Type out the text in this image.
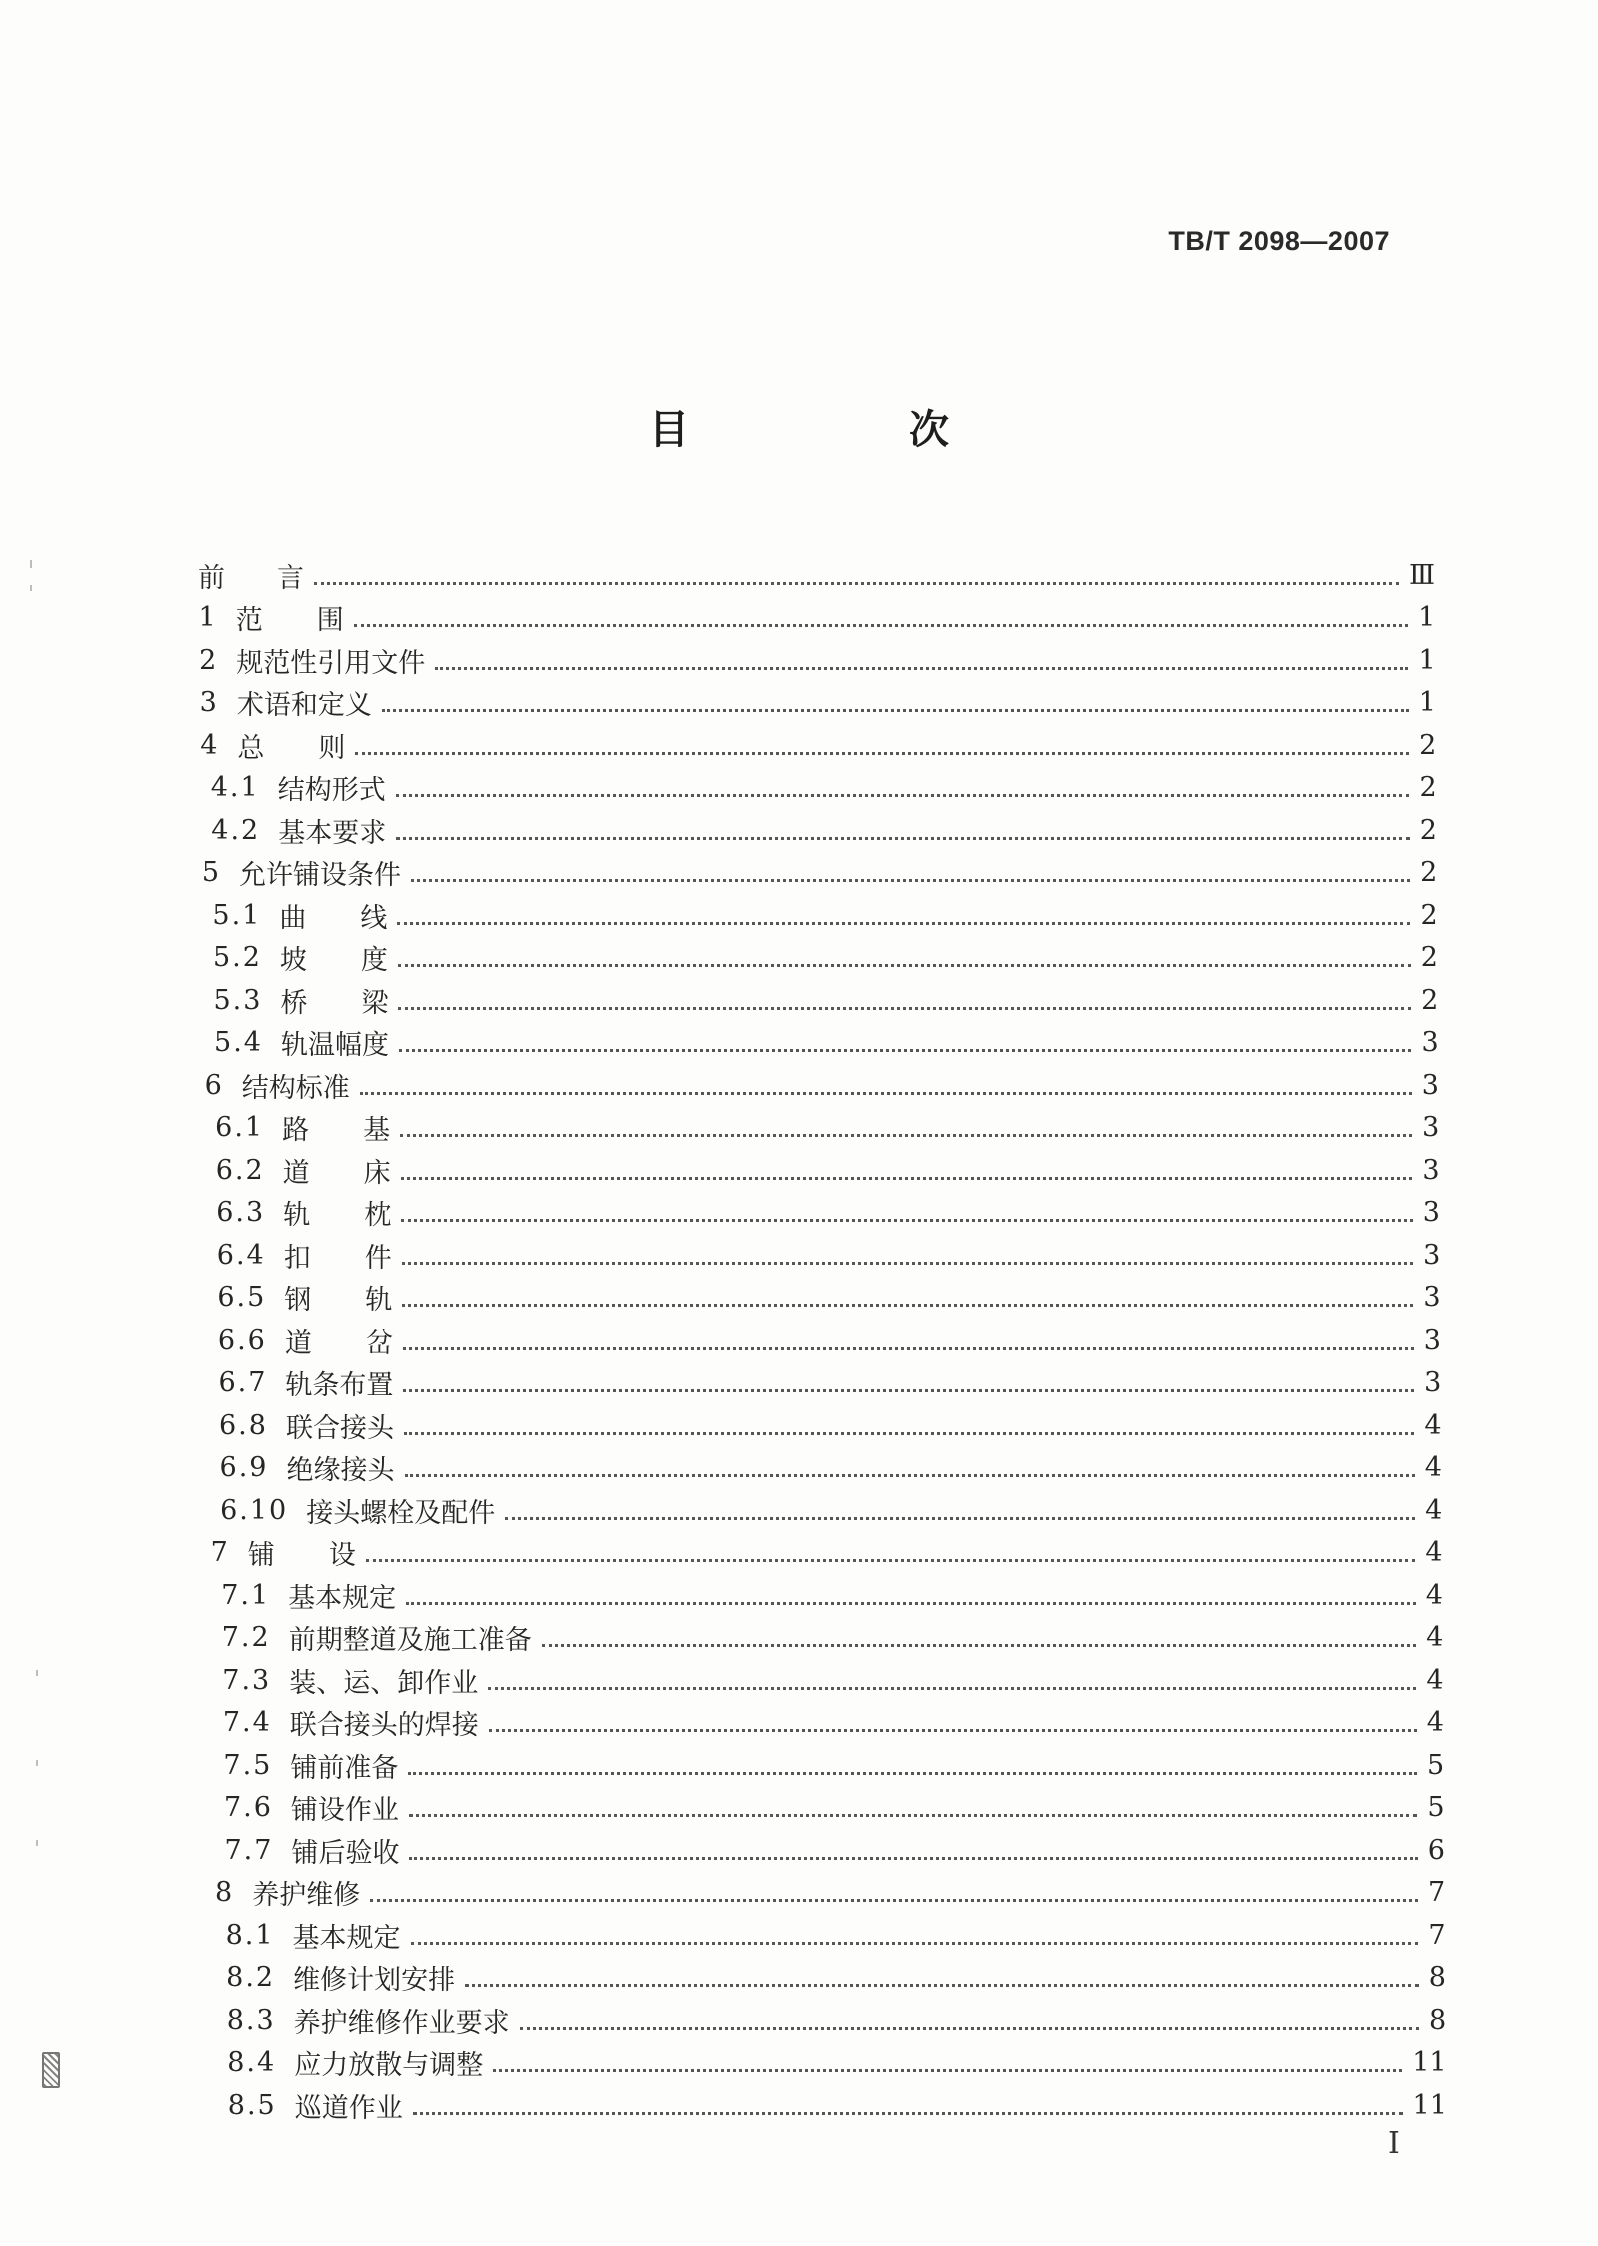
TB/T 2098—2007
目　次
前 言	Ⅲ
1 范　　围	1
2 规范性引用文件	1
3 术语和定义	1
4 总　　则	2
4.1 结构形式	2
4.2 基本要求	2
5 允许铺设条件	2
5.1 曲　　线	2
5.2 坡　　度	2
5.3 桥　　梁	2
5.4 轨温幅度	3
6 结构标准	3
6.1 路　　基	3
6.2 道　　床	3
6.3 轨　　枕	3
6.4 扣　　件	3
6.5 钢　　轨	3
6.6 道　　岔	3
6.7 轨条布置	3
6.8 联合接头	4
6.9 绝缘接头	4
6.10 接头螺栓及配件	4
7 铺　　设	4
7.1 基本规定	4
7.2 前期整道及施工准备	4
7.3 装、运、卸作业	4
7.4 联合接头的焊接	4
7.5 铺前准备	5
7.6 铺设作业	5
7.7 铺后验收	6
8 养护维修	7
8.1 基本规定	7
8.2 维修计划安排	8
8.3 养护维修作业要求	8
8.4 应力放散与调整	11
8.5 巡道作业	11
I
